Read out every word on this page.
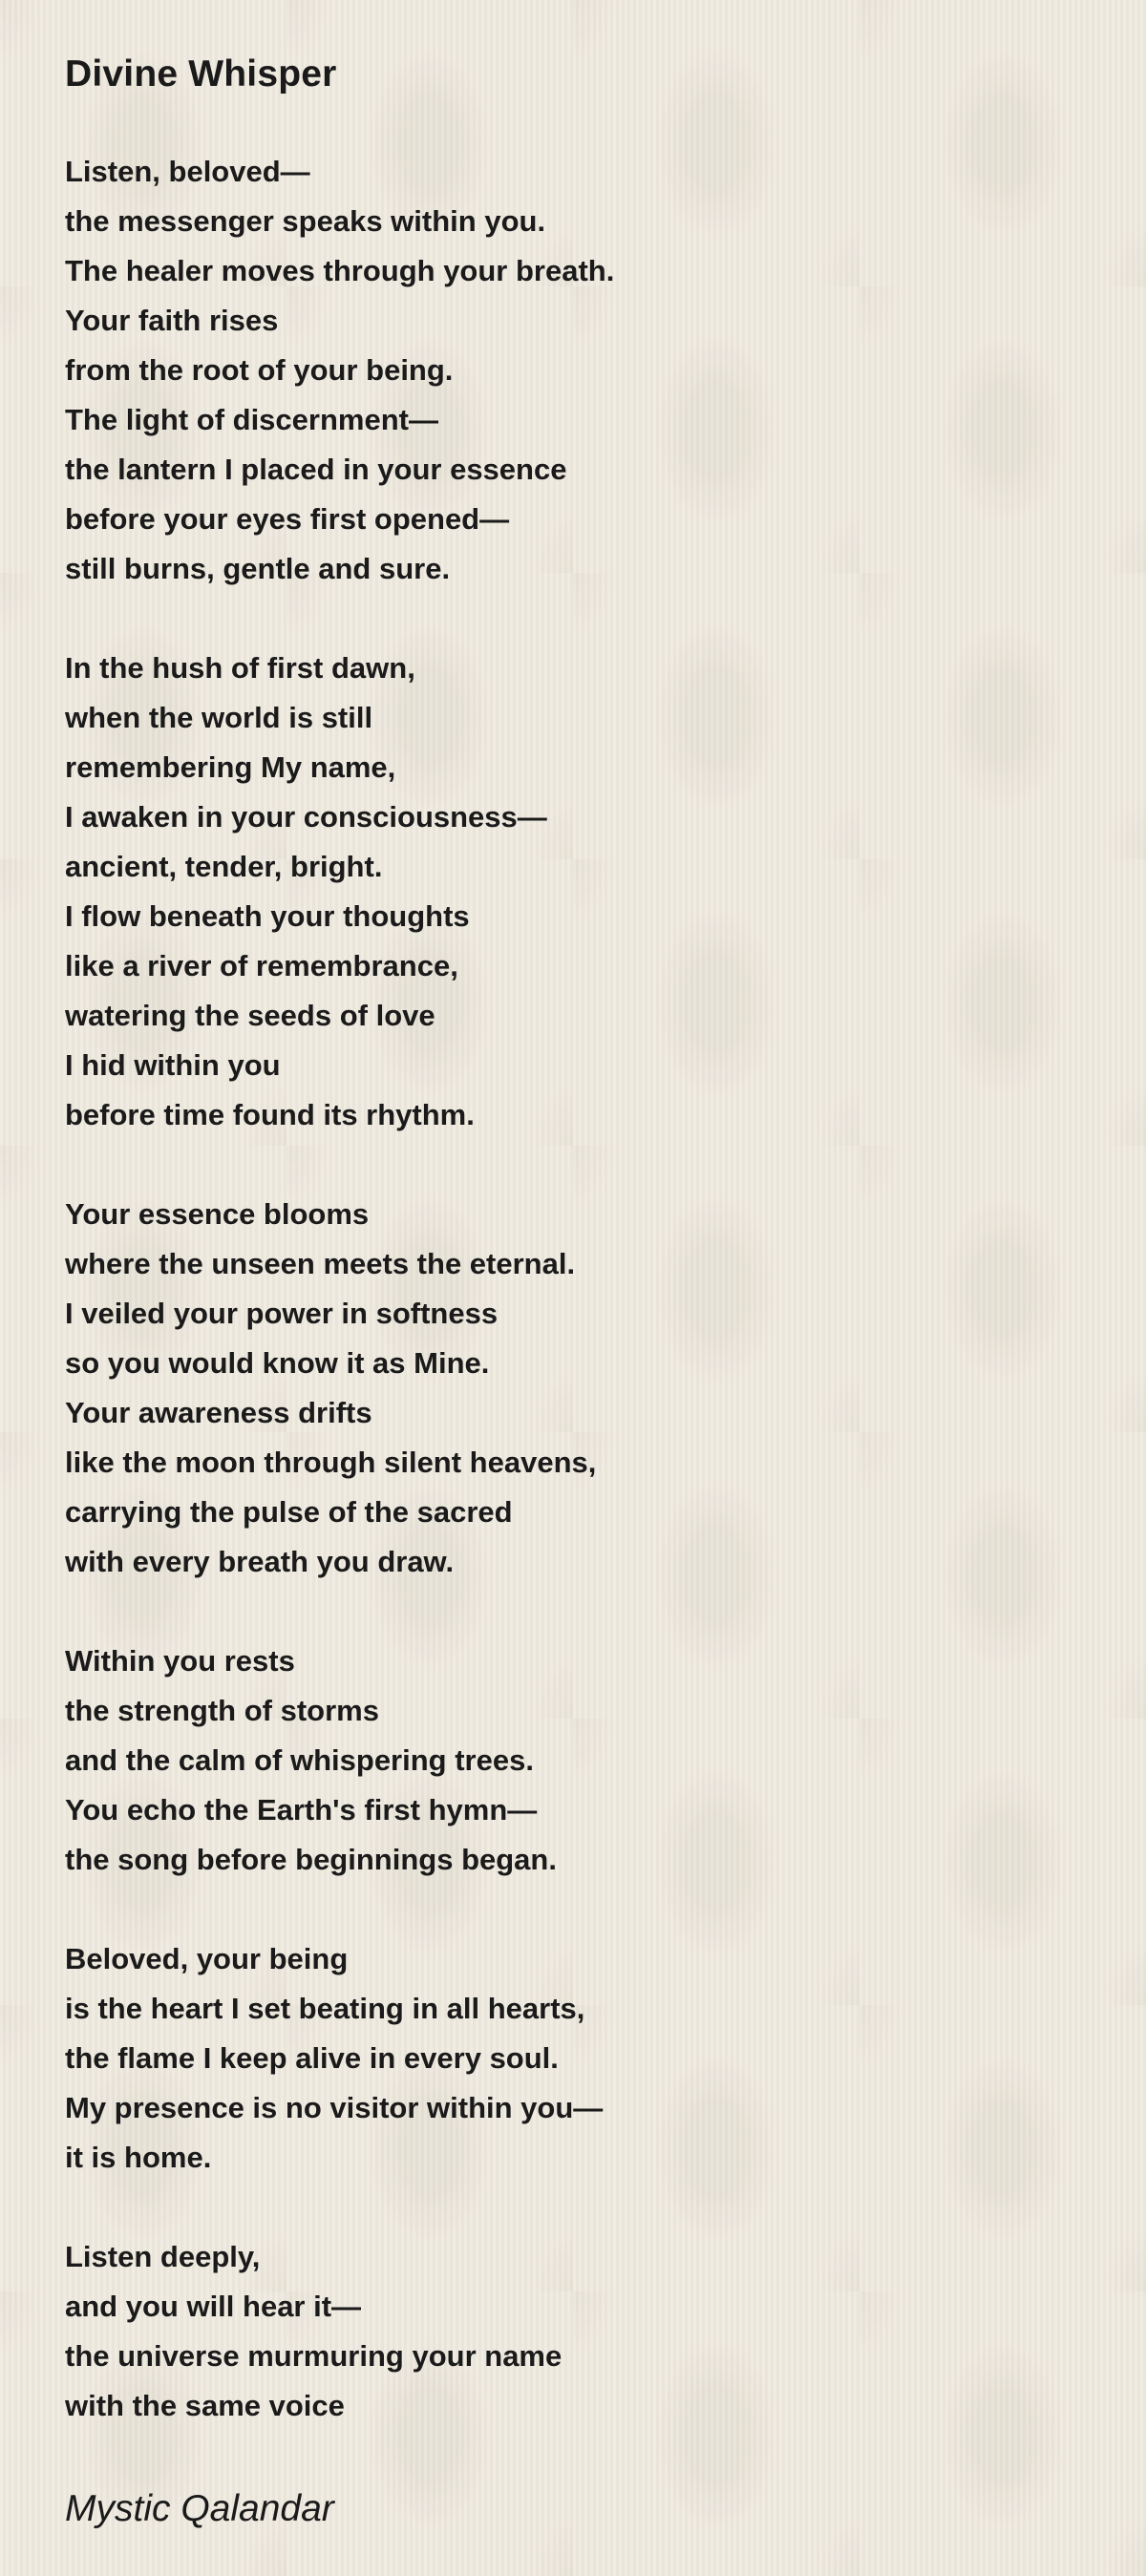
Divine Whisper
Listen, beloved—
the messenger speaks within you.
The healer moves through your breath.
Your faith rises
from the root of your being.
The light of discernment—
the lantern I placed in your essence
before your eyes first opened—
still burns, gentle and sure.
In the hush of first dawn,
when the world is still
remembering My name,
I awaken in your consciousness—
ancient, tender, bright.
I flow beneath your thoughts
like a river of remembrance,
watering the seeds of love
I hid within you
before time found its rhythm.
Your essence blooms
where the unseen meets the eternal.
I veiled your power in softness
so you would know it as Mine.
Your awareness drifts
like the moon through silent heavens,
carrying the pulse of the sacred
with every breath you draw.
Within you rests
the strength of storms
and the calm of whispering trees.
You echo the Earth's first hymn—
the song before beginnings began.
Beloved, your being
is the heart I set beating in all hearts,
the flame I keep alive in every soul.
My presence is no visitor within you—
it is home.
Listen deeply,
and you will hear it—
the universe murmuring your name
with the same voice
Mystic Qalandar
